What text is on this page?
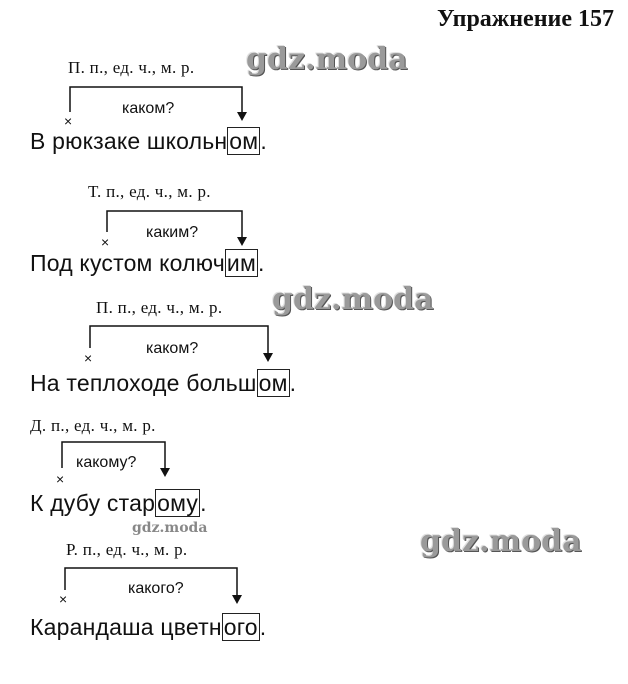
Упражнение 157
×
×
×
×
×
П. п., ед. ч., м. р.
каком?
В рюкзаке школьном.
Т. п., ед. ч., м. р.
каким?
Под кустом колючим.
П. п., ед. ч., м. р.
каком?
На теплоходе большом.
Д. п., ед. ч., м. р.
какому?
К дубу старому.
Р. п., ед. ч., м. р.
какого?
Карандаша цветного.
gdz.moda
gdz.moda
gdz.moda	gdz.moda
